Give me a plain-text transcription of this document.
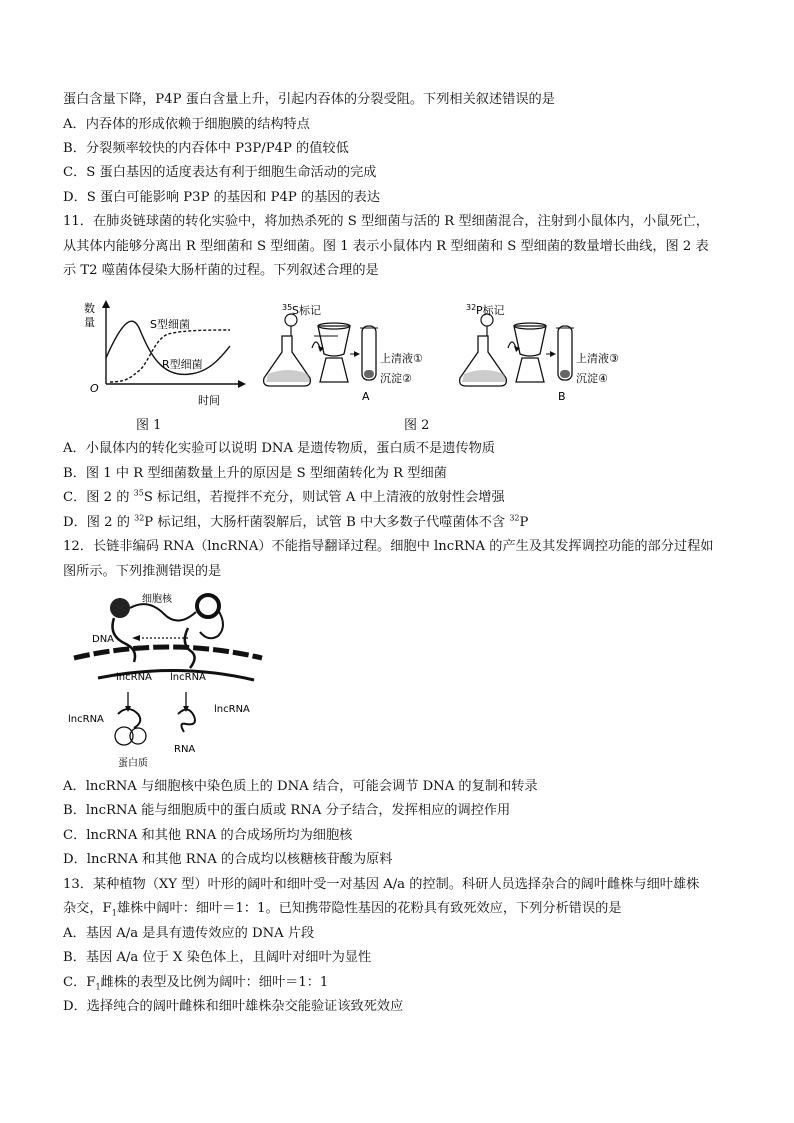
蛋白含量下降，P4P 蛋白含量上升，引起内吞体的分裂受阻。下列相关叙述错误的是
A．内吞体的形成依赖于细胞膜的结构特点
B．分裂频率较快的内吞体中 P3P/P4P 的值较低
C．S 蛋白基因的适度表达有利于细胞生命活动的完成
D．S 蛋白可能影响 P3P 的基因和 P4P 的基因的表达
11．在肺炎链球菌的转化实验中，将加热杀死的 S 型细菌与活的 R 型细菌混合，注射到小鼠体内，小鼠死亡，
从其体内能够分离出 R 型细菌和 S 型细菌。图 1 表示小鼠体内 R 型细菌和 S 型细菌的数量增长曲线，图 2 表
示 T2 噬菌体侵染大肠杆菌的过程。下列叙述合理的是
数
量	S型细菌
R型细菌
O
时间
图 1
35 S标记
上清液①
沉淀②
A
32 P标记
上清液③
沉淀④
B
图 2
A．小鼠体内的转化实验可以说明 DNA 是遗传物质，蛋白质不是遗传物质
B．图 1 中 R 型细菌数量上升的原因是 S 型细菌转化为 R 型细菌
C．图 2 的 $^{35}$S 标记组，若搅拌不充分，则试管 A 中上清液的放射性会增强
D．图 2 的 $^{32}$P 标记组，大肠杆菌裂解后，试管 B 中大多数子代噬菌体不含 $^{32}$P
12．长链非编码 RNA（lncRNA）不能指导翻译过程。细胞中 lncRNA 的产生及其发挥调控功能的部分过程如
图所示。下列推测错误的是
细胞核
DNA
lncRNA lncRNA
lncRNA
lncRNA
RNA
蛋白质
A．lncRNA 与细胞核中染色质上的 DNA 结合，可能会调节 DNA 的复制和转录
B．lncRNA 能与细胞质中的蛋白质或 RNA 分子结合，发挥相应的调控作用
C．lncRNA 和其他 RNA 的合成场所均为细胞核
D．lncRNA 和其他 RNA 的合成均以核糖核苷酸为原料
13．某种植物（XY 型）叶形的阔叶和细叶受一对基因 A/a 的控制。科研人员选择杂合的阔叶雌株与细叶雄株
杂交，$F_1$雄株中阔叶：细叶＝1：1。已知携带隐性基因的花粉具有致死效应，下列分析错误的是
A．基因 A/a 是具有遗传效应的 DNA 片段
B．基因 A/a 位于 X 染色体上，且阔叶对细叶为显性
C．$F_1$雌株的表型及比例为阔叶：细叶＝1：1
D．选择纯合的阔叶雌株和细叶雄株杂交能验证该致死效应
